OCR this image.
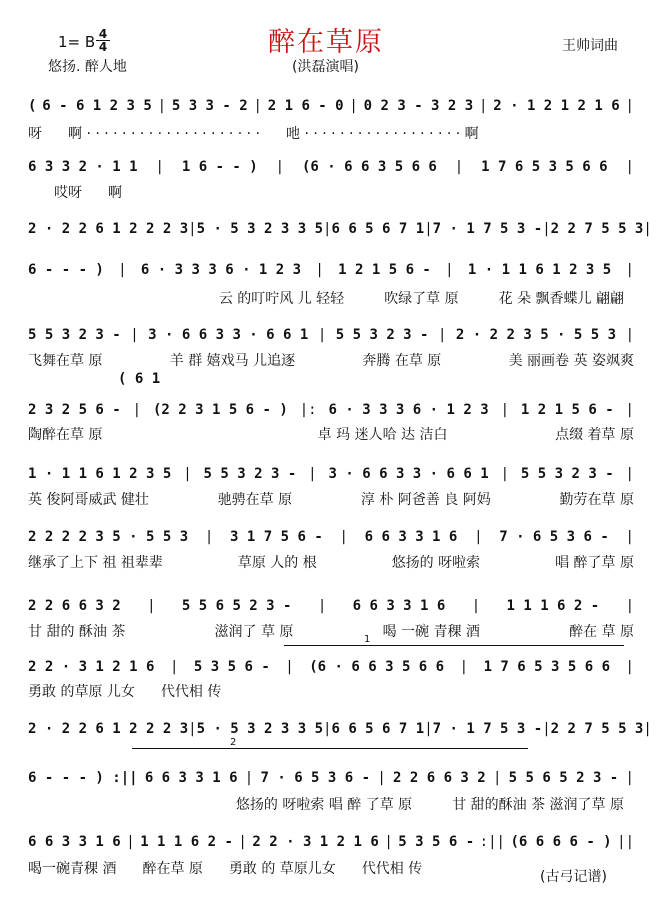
1= B 4
4	醉在草原	王帅词曲
悠扬. 醉人地	(洪磊演唱)
( 6 - 6 1 2 3 5 | 5 3 3 - 2 | 2 1 6 - 0 | 0 2 3 - 3 2 3 | 2 · 1 2 1 2 1 6 |
呀 啊 · · · · · · · · · · · · · · · · · · · · 吔 · · · · · · · · · · · · · · · · · · 啊
6 3 3 2 · 1 1 | 1 6 - - ) | (6 · 6 6 3 5 6 6 | 1 7 6 5 3 5 6 6 |
哎呀 啊
2 · 2 2 6 1 2 2 2 3 | 5 · 5 3 2 3 3 5 | 6 6 5 6 7 1 | 7 · 1 7 5 3 - | 2 2 7 5 5 3 |
6 - - - ) | 6 · 3 3 3 6 · 1 2 3 | 1 2 1 5 6 - | 1 · 1 1 6 1 2 3 5 |
云 的叮咛风 儿 轻轻	吹绿了草 原	花 朵 飘香蝶儿 翩翩
5 5 3 2 3 - | 3 · 6 6 3 3 · 6 6 1 | 5 5 3 2 3 - | 2 · 2 2 3 5 · 5 5 3 |
飞舞在草 原	羊 群 嬉戏马 儿追逐	奔腾 在草 原	美 丽画卷 英 姿飒爽
2 3 2 5 6 - | (2 2 3 1 5 6 - ) |: 6 · 3 3 3 6 · 1 2 3 | 1 2 1 5 6 - |
陶醉在草 原	卓 玛 迷人哈 达 洁白	点缀 着草 原
1 · 1 1 6 1 2 3 5 | 5 5 3 2 3 - | 3 · 6 6 3 3 · 6 6 1 | 5 5 3 2 3 - |
英 俊阿哥威武 健壮	驰骋在草 原	淳 朴 阿爸善 良 阿妈	勤劳在草 原
2 2 2 2 3 5 · 5 5 3 | 3 1 7 5 6 - | 6 6 3 3 1 6 | 7 · 6 5 3 6 - |
继承了上下 祖 祖辈辈	草原 人的 根	悠扬的 呀啦索	唱 醉了草 原
2 2 6 6 3 2 | 5 5 6 5 2 3 - | 6 6 3 3 1 6 | 1 1 1 6 2 - |
甘 甜的 酥油 茶	滋润了 草 原	喝 一碗 青稞 酒	醉在 草 原
2 2 · 3 1 2 1 6 | 5 3 5 6 - | (6 · 6 6 3 5 6 6 | 1 7 6 5 3 5 6 6 |
勇敢 的草原 儿女 代代相 传
2 · 2 2 6 1 2 2 2 3 | 5 · 5 3 2 3 3 5 | 6 6 5 6 7 1 | 7 · 1 7 5 3 - | 2 2 7 5 5 3 |
6 - - - ) :|| 6 6 3 3 1 6 | 7 · 6 5 3 6 - | 2 2 6 6 3 2 | 5 5 6 5 2 3 - |
悠扬的 呀啦索 唱 醉 了草 原	甘 甜的酥油 茶 滋润了草 原
6 6 3 3 1 6 | 1 1 1 6 2 - | 2 2 · 3 1 2 1 6 | 5 3 5 6 - :|| (6 6 6 6 - ) ||
喝一碗青稞 酒 醉在草 原 勇敢 的 草原儿女 代代相 传
( 6 1
1
2
(古弓记谱)
